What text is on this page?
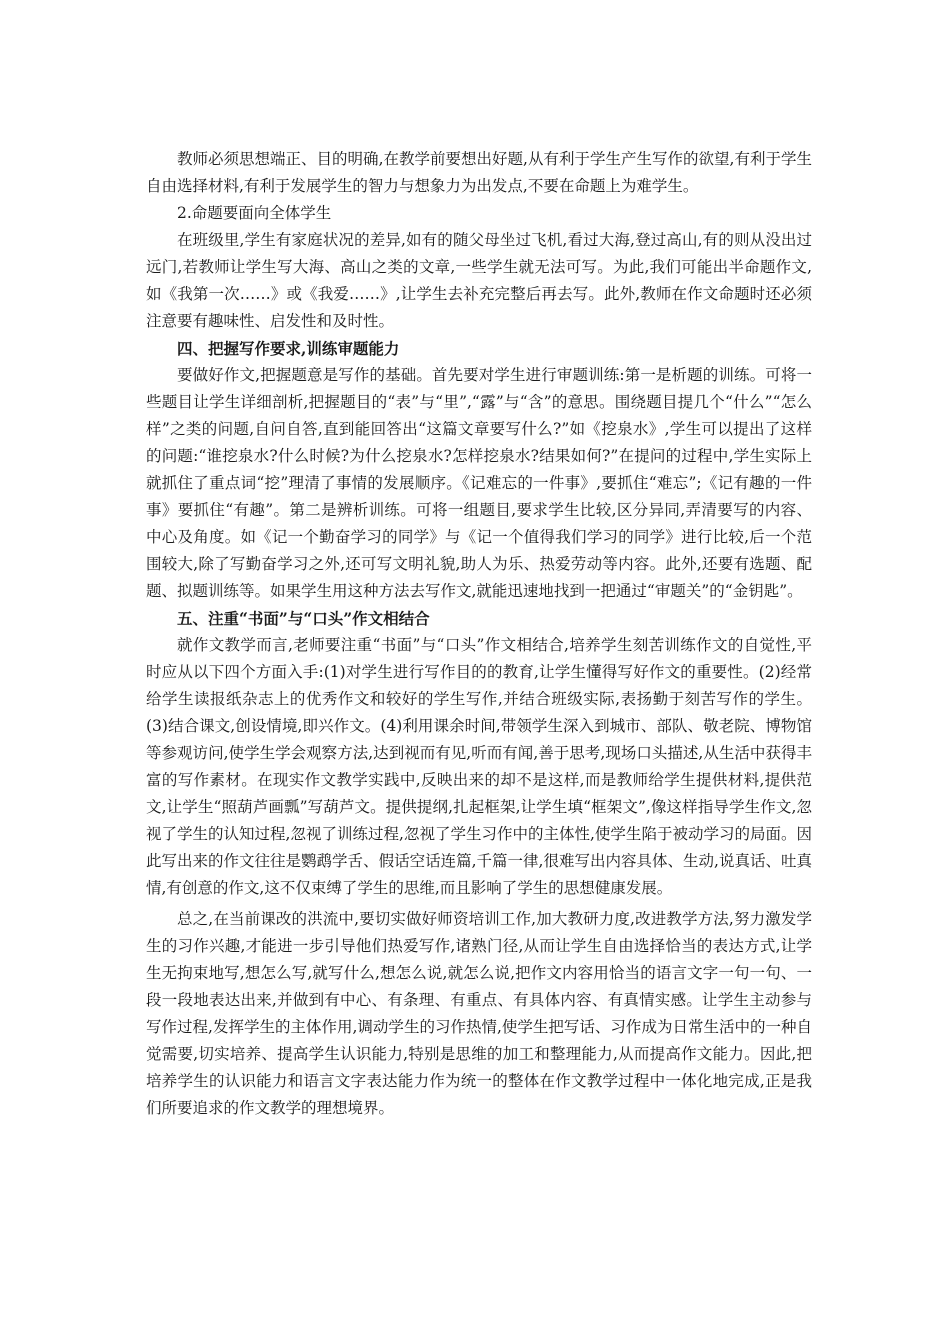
教师必须思想端正、目的明确,在教学前要想出好题,从有利于学生产生写作的欲望,有利于学生自由选择材料,有利于发展学生的智力与想象力为出发点,不要在命题上为难学生。

2.命题要面向全体学生

在班级里,学生有家庭状况的差异,如有的随父母坐过飞机,看过大海,登过高山,有的则从没出过远门,若教师让学生写大海、高山之类的文章,一些学生就无法可写。为此,我们可能出半命题作文,如《我第一次……》或《我爱……》,让学生去补充完整后再去写。此外,教师在作文命题时还必须注意要有趣味性、启发性和及时性。

四、把握写作要求,训练审题能力

要做好作文,把握题意是写作的基础。首先要对学生进行审题训练:第一是析题的训练。可将一些题目让学生详细剖析,把握题目的“表”与“里”,“露”与“含”的意思。围绕题目提几个“什么”“怎么样”之类的问题,自问自答,直到能回答出“这篇文章要写什么?”如《挖泉水》,学生可以提出了这样的问题:“谁挖泉水?什么时候?为什么挖泉水?怎样挖泉水?结果如何?”在提问的过程中,学生实际上就抓住了重点词“挖”理清了事情的发展顺序。《记难忘的一件事》,要抓住“难忘”;《记有趣的一件事》要抓住“有趣”。第二是辨析训练。可将一组题目,要求学生比较,区分异同,弄清要写的内容、中心及角度。如《记一个勤奋学习的同学》与《记一个值得我们学习的同学》进行比较,后一个范围较大,除了写勤奋学习之外,还可写文明礼貌,助人为乐、热爱劳动等内容。此外,还要有选题、配题、拟题训练等。如果学生用这种方法去写作文,就能迅速地找到一把通过“审题关”的“金钥匙”。

五、注重“书面”与“口头”作文相结合

就作文教学而言,老师要注重“书面”与“口头”作文相结合,培养学生刻苦训练作文的自觉性,平时应从以下四个方面入手:(1)对学生进行写作目的的教育,让学生懂得写好作文的重要性。(2)经常给学生读报纸杂志上的优秀作文和较好的学生写作,并结合班级实际,表扬勤于刻苦写作的学生。(3)结合课文,创设情境,即兴作文。(4)利用课余时间,带领学生深入到城市、部队、敬老院、博物馆等参观访问,使学生学会观察方法,达到视而有见,听而有闻,善于思考,现场口头描述,从生活中获得丰富的写作素材。在现实作文教学实践中,反映出来的却不是这样,而是教师给学生提供材料,提供范文,让学生“照葫芦画瓢”写葫芦文。提供提纲,扎起框架,让学生填“框架文”,像这样指导学生作文,忽视了学生的认知过程,忽视了训练过程,忽视了学生习作中的主体性,使学生陷于被动学习的局面。因此写出来的作文往往是鹦鹉学舌、假话空话连篇,千篇一律,很难写出内容具体、生动,说真话、吐真情,有创意的作文,这不仅束缚了学生的思维,而且影响了学生的思想健康发展。

总之,在当前课改的洪流中,要切实做好师资培训工作,加大教研力度,改进教学方法,努力激发学生的习作兴趣,才能进一步引导他们热爱写作,诸熟门径,从而让学生自由选择恰当的表达方式,让学生无拘束地写,想怎么写,就写什么,想怎么说,就怎么说,把作文内容用恰当的语言文字一句一句、一段一段地表达出来,并做到有中心、有条理、有重点、有具体内容、有真情实感。让学生主动参与写作过程,发挥学生的主体作用,调动学生的习作热情,使学生把写话、习作成为日常生活中的一种自觉需要,切实培养、提高学生认识能力,特别是思维的加工和整理能力,从而提高作文能力。因此,把培养学生的认识能力和语言文字表达能力作为统一的整体在作文教学过程中一体化地完成,正是我们所要追求的作文教学的理想境界。
